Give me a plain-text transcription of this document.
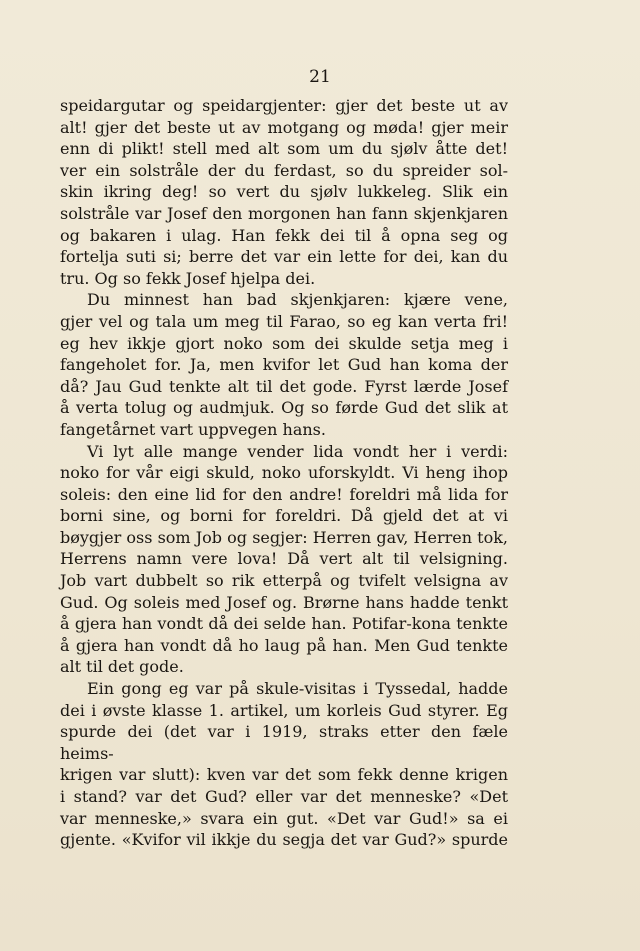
21

speidargutar og speidargjenter: gjer det beste ut av
alt! gjer det beste ut av motgang og møda! gjer meir
enn di plikt! stell med alt som um du sjølv åtte det!
ver ein solstråle der du ferdast, so du spreider sol-
skin ikring deg! so vert du sjølv lukkeleg. Slik ein
solstråle var Josef den morgonen han fann skjenkjaren
og bakaren i ulag. Han fekk dei til å opna seg og
fortelja suti si; berre det var ein lette for dei, kan du
tru. Og so fekk Josef hjelpa dei.

Du minnest han bad skjenkjaren: kjære vene,
gjer vel og tala um meg til Farao, so eg kan verta fri!
eg hev ikkje gjort noko som dei skulde setja meg i
fangeholet for. Ja, men kvifor let Gud han koma der
då? Jau Gud tenkte alt til det gode. Fyrst lærde Josef
å verta tolug og audmjuk. Og so førde Gud det slik at
fangetårnet vart uppvegen hans.

Vi lyt alle mange vender lida vondt her i verdi:
noko for vår eigi skuld, noko uforskyldt. Vi heng ihop
soleis: den eine lid for den andre! foreldri må lida for
borni sine, og borni for foreldri. Då gjeld det at vi
bøygjer oss som Job og segjer: Herren gav, Herren tok,
Herrens namn vere lova! Då vert alt til velsigning.
Job vart dubbelt so rik etterpå og tvifelt velsigna av
Gud. Og soleis med Josef og. Brørne hans hadde tenkt
å gjera han vondt då dei selde han. Potifar-kona tenkte
å gjera han vondt då ho laug på han. Men Gud tenkte
alt til det gode.

Ein gong eg var på skule-visitas i Tyssedal, hadde
dei i øvste klasse 1. artikel, um korleis Gud styrer. Eg
spurde dei (det var i 1919, straks etter den fæle heims-
krigen var slutt): kven var det som fekk denne krigen
i stand? var det Gud? eller var det menneske? «Det
var menneske,» svara ein gut. «Det var Gud!» sa ei
gjente. «Kvifor vil ikkje du segja det var Gud?» spurde
